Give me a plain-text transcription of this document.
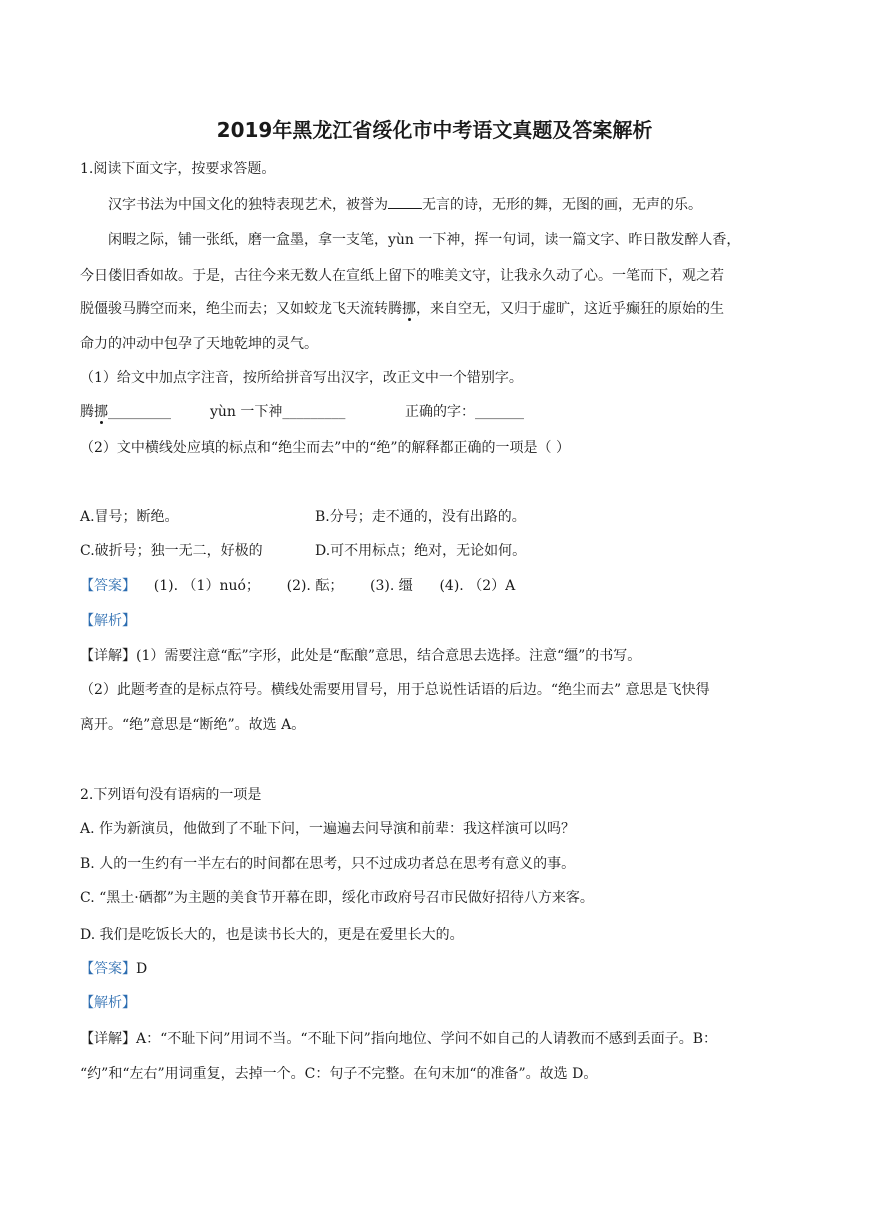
2019年黑龙江省绥化市中考语文真题及答案解析
1.阅读下面文字，按要求答题。
汉字书法为中国文化的独特表现艺术，被誉为 无言的诗，无形的舞，无图的画，无声的乐。
闲暇之际，铺一张纸，磨一盒墨，拿一支笔，yùn 一下神，挥一句词，读一篇文字、昨日散发醉人香，
今日偻旧香如故。于是，古往今来无数人在宣纸上留下的唯美文守，让我永久动了心。一笔而下，观之若
脱僵骏马腾空而来，绝尘而去；又如蛟龙飞天流转腾挪，来自空无，又归于虚旷，这近乎癫狂的原始的生
命力的冲动中包孕了天地乾坤的灵气。
（1）给文中加点字注音，按所给拼音写出汉字，改正文中一个错别字。
腾挪_________	yùn 一下神_________	正确的字：_______
（2）文中横线处应填的标点和“绝尘而去”中的“绝”的解释都正确的一项是（ ）
A.冒号；断绝。	B.分号；走不通的，没有出路的。
C.破折号；独一无二，好极的	D.可不用标点；绝对，无论如何。
【答案】    (1). （1）nuó；      (2). 酝；      (3). 缰      (4). （2）A
【解析】
【详解】(1）需要注意“酝”字形，此处是“酝酿”意思，结合意思去选择。注意“缰”的书写。
（2）此题考查的是标点符号。横线处需要用冒号，用于总说性话语的后边。“绝尘而去” 意思是飞快得
离开。“绝”意思是“断绝”。故选 A。
2.下列语句没有语病的一项是
A. 作为新演员，他做到了不耻下问，一遍遍去问导演和前辈：我这样演可以吗？
B. 人的一生约有一半左右的时间都在思考，只不过成功者总在思考有意义的事。
C. “黑土·硒都”为主题的美食节开幕在即，绥化市政府号召市民做好招待八方来客。
D. 我们是吃饭长大的，也是读书长大的，更是在爱里长大的。
【答案】D
【解析】
【详解】A：“不耻下问”用词不当。“不耻下问”指向地位、学问不如自己的人请教而不感到丢面子。B：
“约”和“左右”用词重复，去掉一个。C：句子不完整。在句末加“的准备”。故选 D。
